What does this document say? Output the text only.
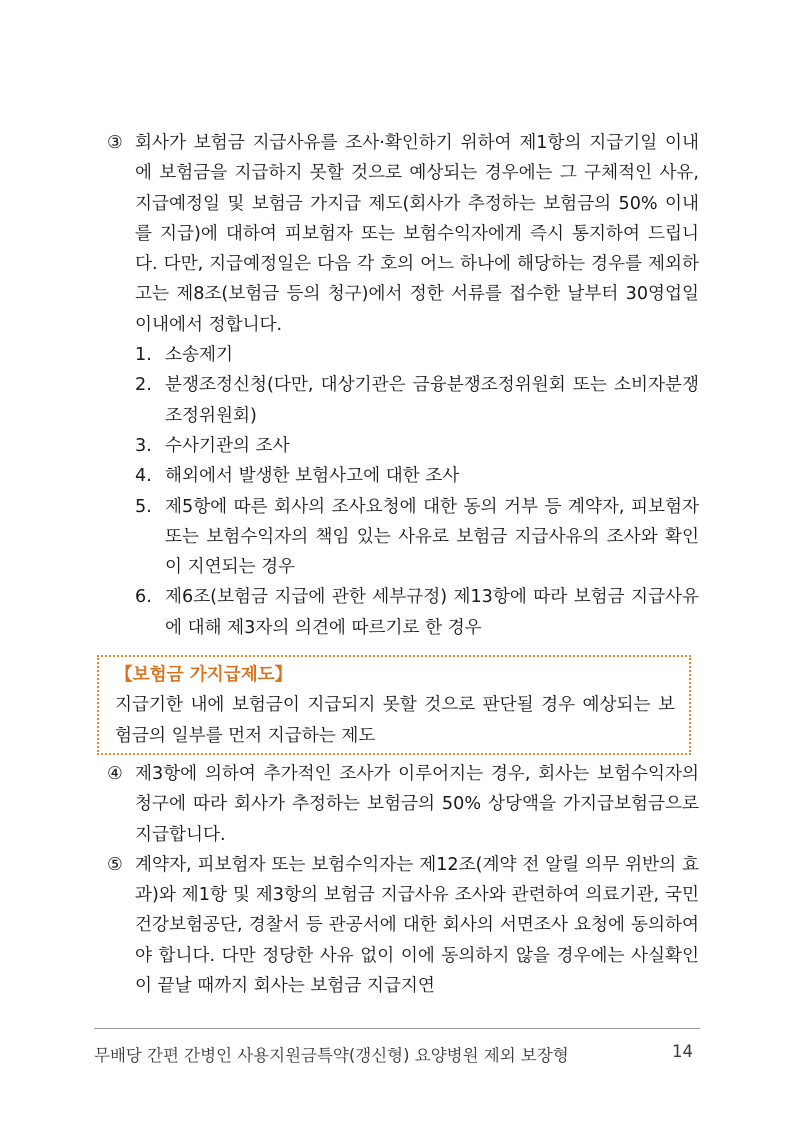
③ 회사가 보험금 지급사유를 조사·확인하기 위하여 제1항의 지급기일 이내에 보험금을 지급하지 못할 것으로 예상되는 경우에는 그 구체적인 사유, 지급예정일 및 보험금 가지급 제도(회사가 추정하는 보험금의 50% 이내를 지급)에 대하여 피보험자 또는 보험수익자에게 즉시 통지하여 드립니다. 다만, 지급예정일은 다음 각 호의 어느 하나에 해당하는 경우를 제외하고는 제8조(보험금 등의 청구)에서 정한 서류를 접수한 날부터 30영업일 이내에서 정합니다.
1. 소송제기
2. 분쟁조정신청(다만, 대상기관은 금융분쟁조정위원회 또는 소비자분쟁조정위원회)
3. 수사기관의 조사
4. 해외에서 발생한 보험사고에 대한 조사
5. 제5항에 따른 회사의 조사요청에 대한 동의 거부 등 계약자, 피보험자 또는 보험수익자의 책임 있는 사유로 보험금 지급사유의 조사와 확인이 지연되는 경우
6. 제6조(보험금 지급에 관한 세부규정) 제13항에 따라 보험금 지급사유에 대해 제3자의 의견에 따르기로 한 경우
【보험금 가지급제도】
지급기한 내에 보험금이 지급되지 못할 것으로 판단될 경우 예상되는 보험금의 일부를 먼저 지급하는 제도
④ 제3항에 의하여 추가적인 조사가 이루어지는 경우, 회사는 보험수익자의 청구에 따라 회사가 추정하는 보험금의 50% 상당액을 가지급보험금으로 지급합니다.
⑤ 계약자, 피보험자 또는 보험수익자는 제12조(계약 전 알릴 의무 위반의 효과)와 제1항 및 제3항의 보험금 지급사유 조사와 관련하여 의료기관, 국민건강보험공단, 경찰서 등 관공서에 대한 회사의 서면조사 요청에 동의하여야 합니다. 다만 정당한 사유 없이 이에 동의하지 않을 경우에는 사실확인이 끝날 때까지 회사는 보험금 지급지연
무배당 간편 간병인 사용지원금특약(갱신형) 요양병원 제외 보장형	14
